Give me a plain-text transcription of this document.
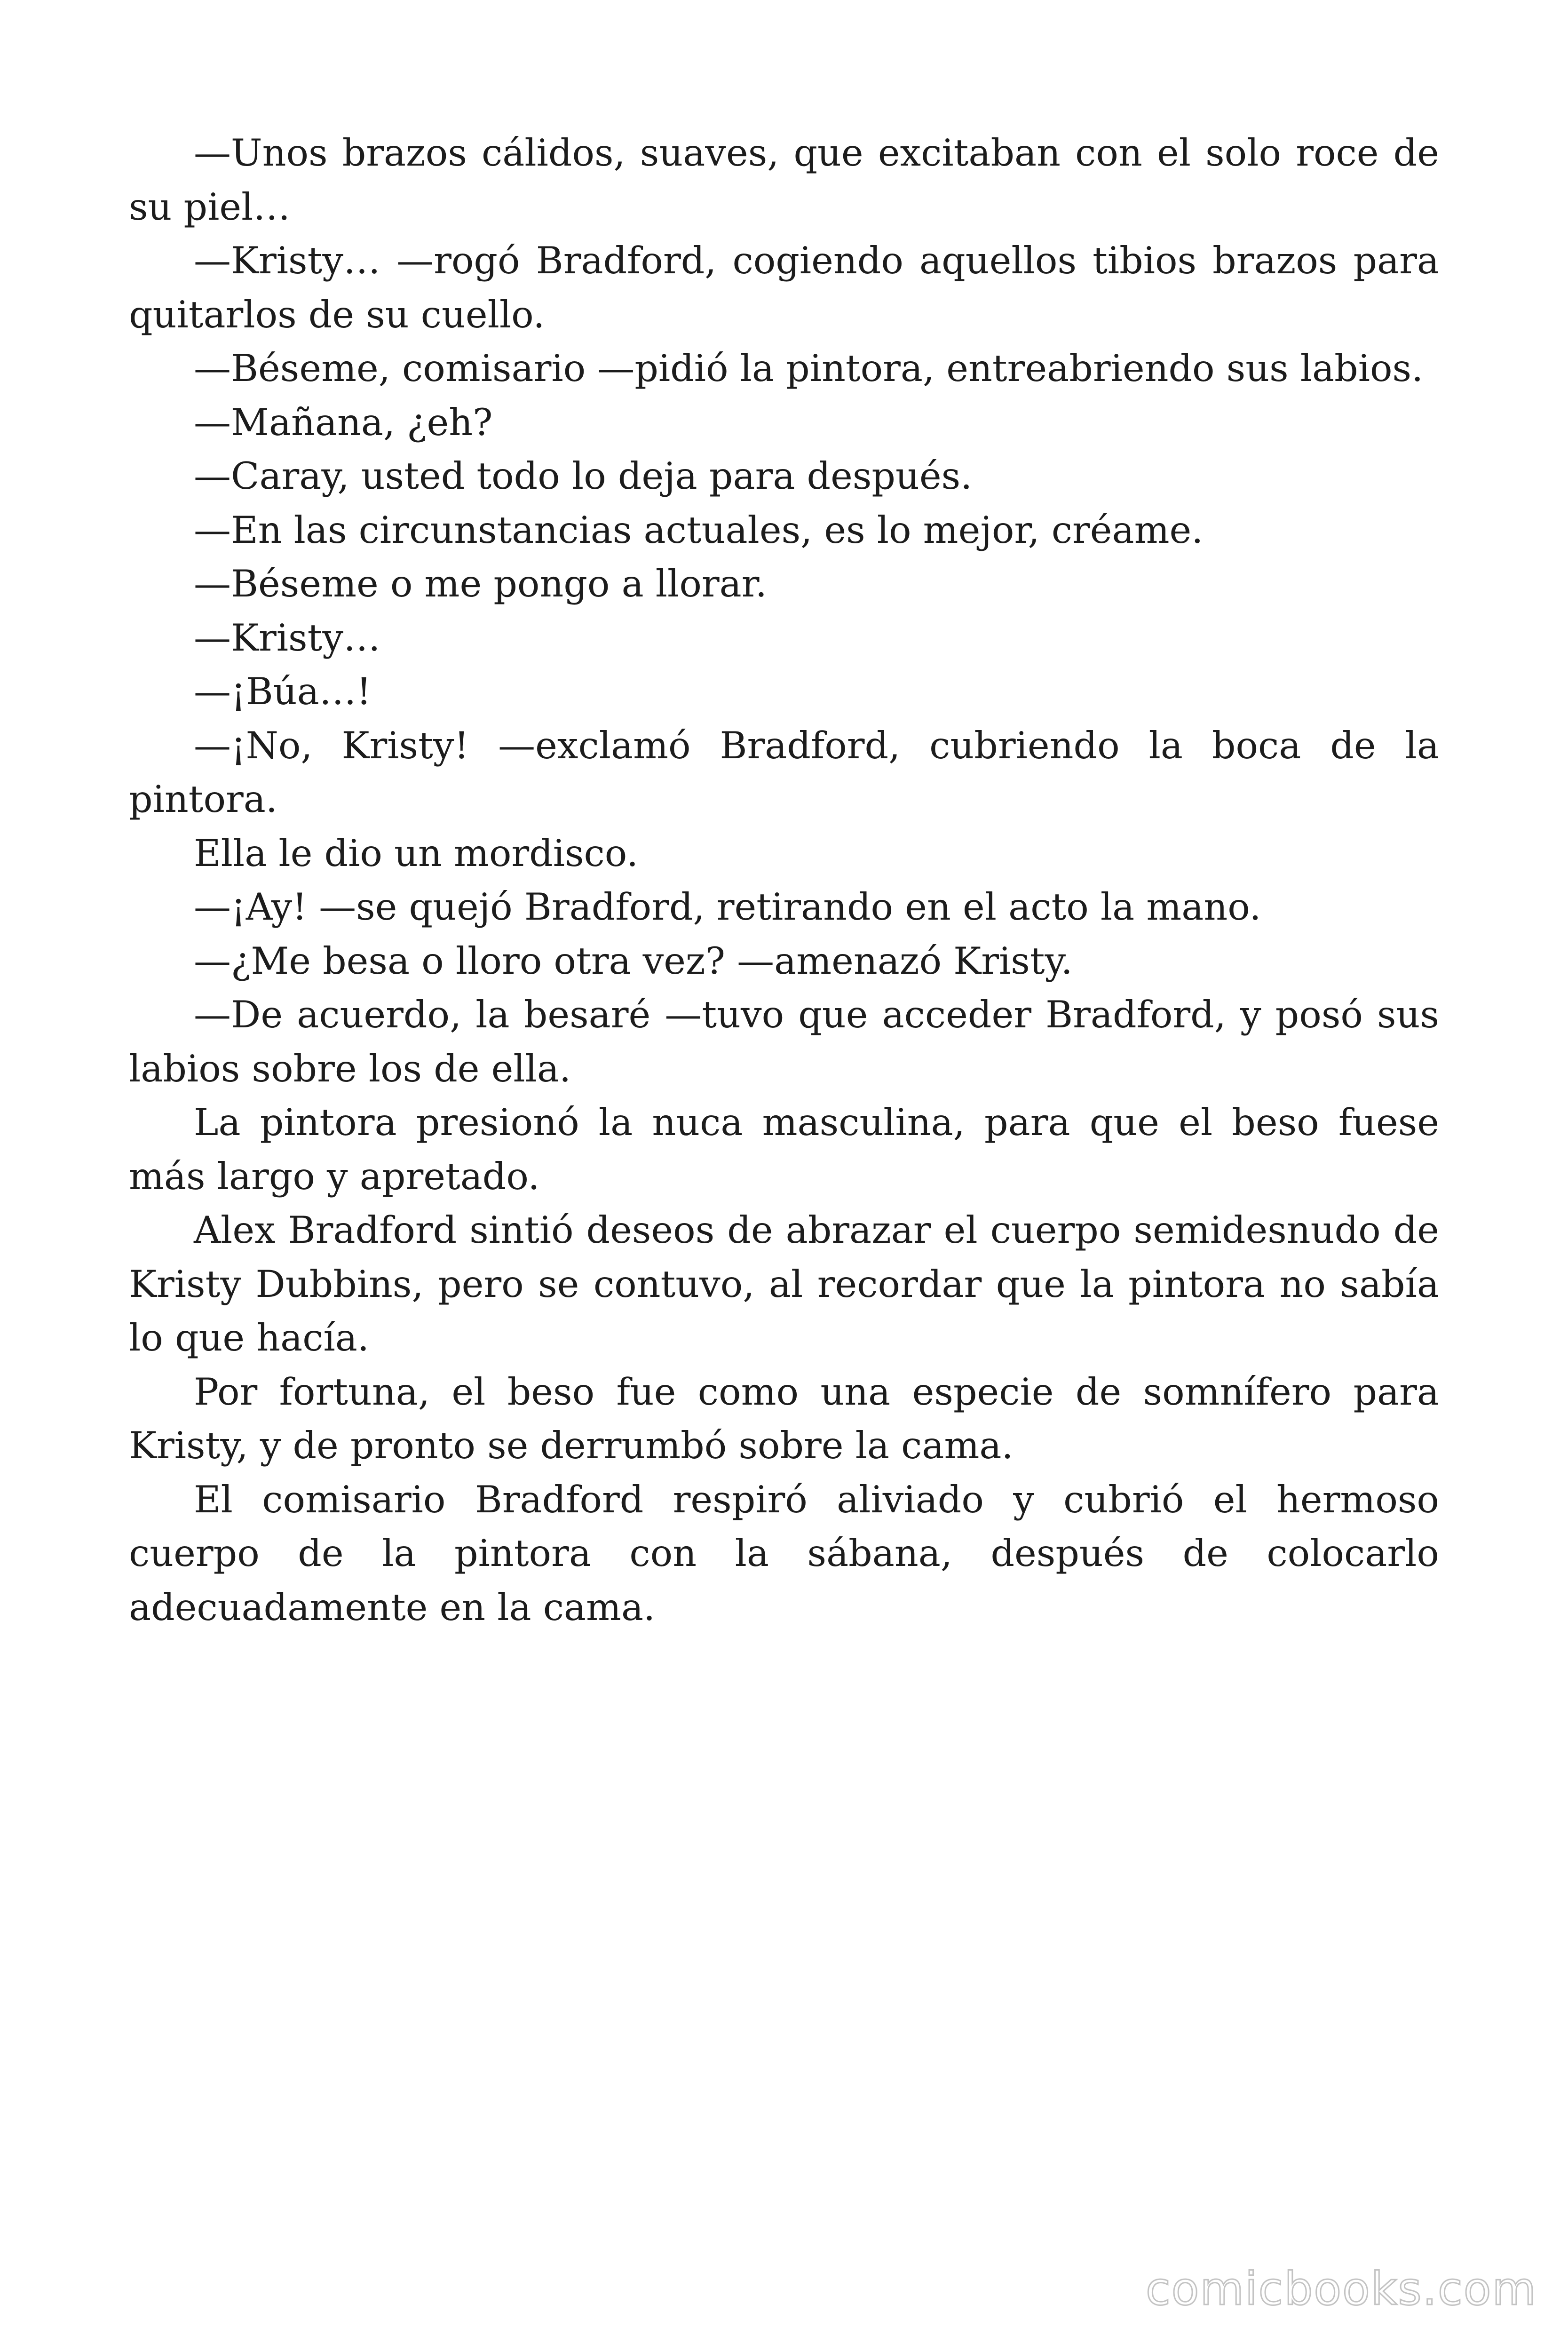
—Unos brazos cálidos, suaves, que excitaban con el solo roce de su piel…

—Kristy… —rogó Bradford, cogiendo aquellos tibios brazos para quitarlos de su cuello.

—Béseme, comisario —pidió la pintora, entreabriendo sus labios.

—Mañana, ¿eh?

—Caray, usted todo lo deja para después.

—En las circunstancias actuales, es lo mejor, créame.

—Béseme o me pongo a llorar.

—Kristy…

—¡Búa…!

—¡No, Kristy! —exclamó Bradford, cubriendo la boca de la pintora.

Ella le dio un mordisco.

—¡Ay! —se quejó Bradford, retirando en el acto la mano.

—¿Me besa o lloro otra vez? —amenazó Kristy.

—De acuerdo, la besaré —tuvo que acceder Bradford, y posó sus labios sobre los de ella.

La pintora presionó la nuca masculina, para que el beso fuese más largo y apretado.

Alex Bradford sintió deseos de abrazar el cuerpo semidesnudo de Kristy Dubbins, pero se contuvo, al recordar que la pintora no sabía lo que hacía.

Por fortuna, el beso fue como una especie de somnífero para Kristy, y de pronto se derrumbó sobre la cama.

El comisario Bradford respiró aliviado y cubrió el hermoso cuerpo de la pintora con la sábana, después de colocarlo adecuadamente en la cama.

comicbooks.com
